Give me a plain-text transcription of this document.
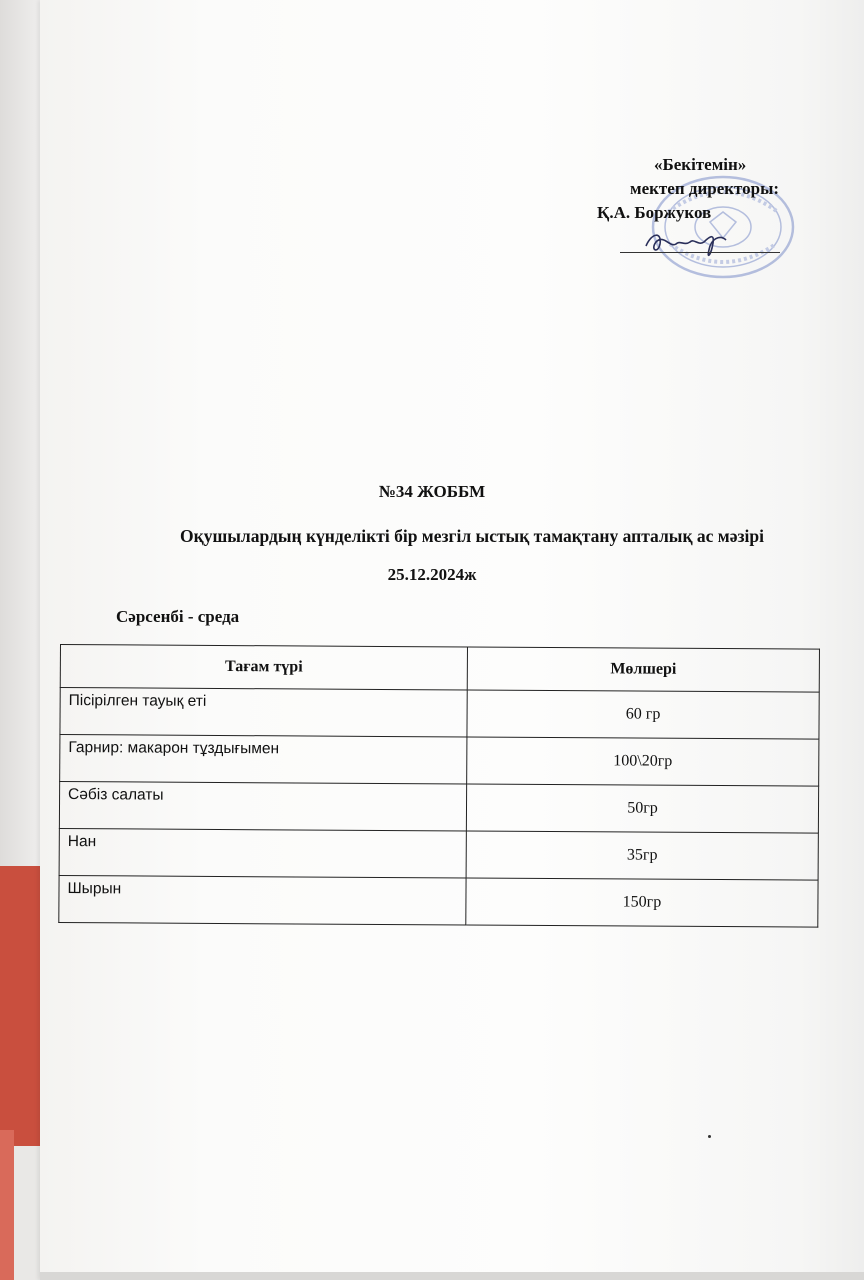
«Бекітемін»
мектеп директоры:
Қ.А. Боржуков
№34 ЖОББМ
Оқушылардың күнделікті бір мезгіл ыстық тамақтану апталық ас мәзірі
25.12.2024ж
Сәрсенбі - среда
Тағам түрі	Мөлшері
Пісірілген тауық еті	60 гр
Гарнир: макарон тұздығымен	100\20гр
Сәбіз салаты	50гр
Нан	35гр
Шырын	150гр
